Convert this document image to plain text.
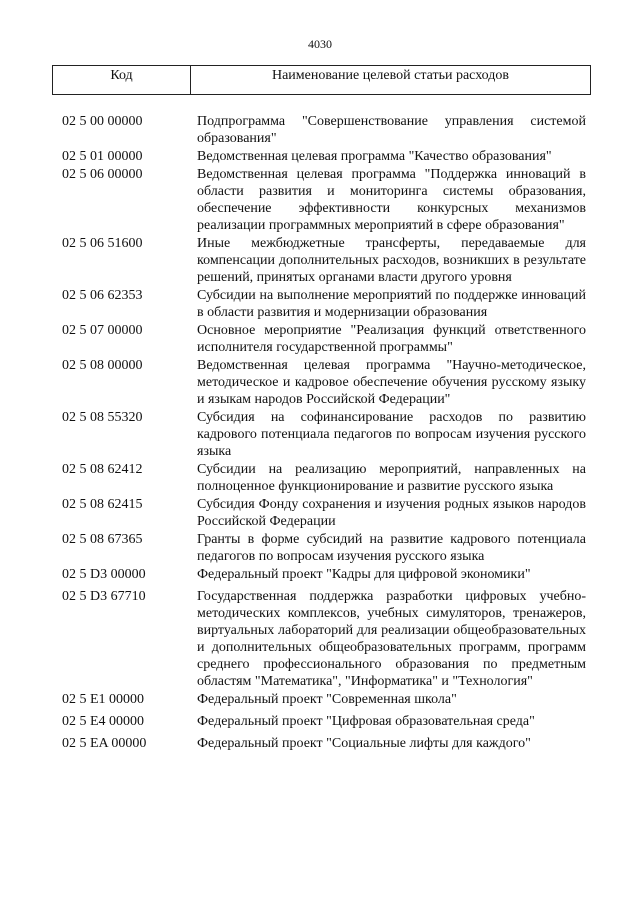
4030
Код	Наименование целевой статьи расходов
02 5 00 00000	Подпрограмма "Совершенствование управления системой образования"
02 5 01 00000	Ведомственная целевая программа "Качество образования"
02 5 06 00000	Ведомственная целевая программа "Поддержка инноваций в области развития и мониторинга системы образования, обеспечение эффективности конкурсных механизмов реализации программных мероприятий в сфере образования"
02 5 06 51600	Иные межбюджетные трансферты, передаваемые для компенсации дополнительных расходов, возникших в результате решений, принятых органами власти другого уровня
02 5 06 62353	Субсидии на выполнение мероприятий по поддержке инноваций в области развития и модернизации образования
02 5 07 00000	Основное мероприятие "Реализация функций ответственного исполнителя государственной программы"
02 5 08 00000	Ведомственная целевая программа "Научно-методическое, методическое и кадровое обеспечение обучения русскому языку и языкам народов Российской Федерации"
02 5 08 55320	Субсидия на софинансирование расходов по развитию кадрового потенциала педагогов по вопросам изучения русского языка
02 5 08 62412	Субсидии на реализацию мероприятий, направленных на полноценное функционирование и развитие русского языка
02 5 08 62415	Субсидия Фонду сохранения и изучения родных языков народов Российской Федерации
02 5 08 67365	Гранты в форме субсидий на развитие кадрового потенциала педагогов по вопросам изучения русского языка
02 5 D3 00000	Федеральный проект "Кадры для цифровой экономики"
02 5 D3 67710	Государственная поддержка разработки цифровых учебно-методических комплексов, учебных симуляторов, тренажеров, виртуальных лабораторий для реализации общеобразовательных и дополнительных общеобразовательных программ, программ среднего профессионального образования по предметным областям "Математика", "Информатика" и "Технология"
02 5 E1 00000	Федеральный проект "Современная школа"
02 5 E4 00000	Федеральный проект "Цифровая образовательная среда"
02 5 EA 00000	Федеральный проект "Социальные лифты для каждого"
